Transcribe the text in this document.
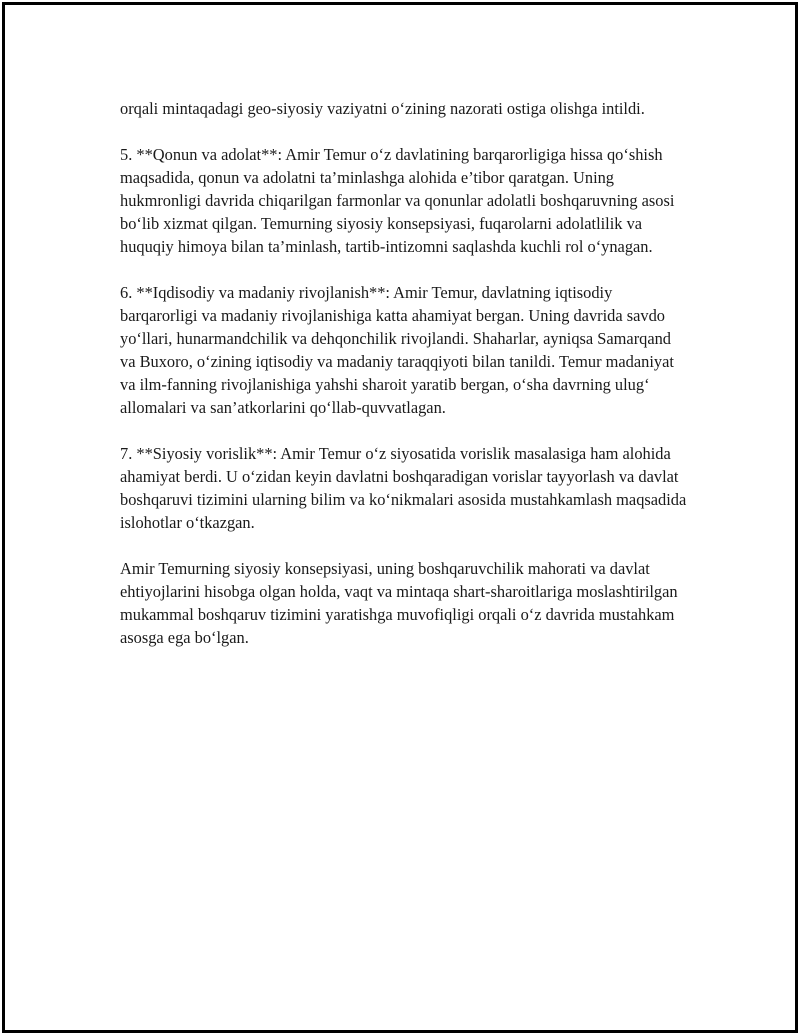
orqali mintaqadagi geo-siyosiy vaziyatni o‘zining nazorati ostiga olishga intildi.

5. **Qonun va adolat**: Amir Temur o‘z davlatining barqarorligiga hissa qo‘shish maqsadida, qonun va adolatni ta’minlashga alohida e’tibor qaratgan. Uning hukmronligi davrida chiqarilgan farmonlar va qonunlar adolatli boshqaruvning asosi bo‘lib xizmat qilgan. Temurning siyosiy konsepsiyasi, fuqarolarni adolatlilik va huquqiy himoya bilan ta’minlash, tartib-intizomni saqlashda kuchli rol o‘ynagan.

6. **Iqdisodiy va madaniy rivojlanish**: Amir Temur, davlatning iqtisodiy barqarorligi va madaniy rivojlanishiga katta ahamiyat bergan. Uning davrida savdo yo‘llari, hunarmandchilik va dehqonchilik rivojlandi. Shaharlar, ayniqsa Samarqand va Buxoro, o‘zining iqtisodiy va madaniy taraqqiyoti bilan tanildi. Temur madaniyat va ilm-fanning rivojlanishiga yahshi sharoit yaratib bergan, o‘sha davrning ulug‘ allomalari va san’atkorlarini qo‘llab-quvvatlagan.

7. **Siyosiy vorislik**: Amir Temur o‘z siyosatida vorislik masalasiga ham alohida ahamiyat berdi. U o‘zidan keyin davlatni boshqaradigan vorislar tayyorlash va davlat boshqaruvi tizimini ularning bilim va ko‘nikmalari asosida mustahkamlash maqsadida islohotlar o‘tkazgan.

Amir Temurning siyosiy konsepsiyasi, uning boshqaruvchilik mahorati va davlat ehtiyojlarini hisobga olgan holda, vaqt va mintaqa shart-sharoitlariga moslashtirilgan mukammal boshqaruv tizimini yaratishga muvofiqligi orqali o‘z davrida mustahkam asosga ega bo‘lgan.
